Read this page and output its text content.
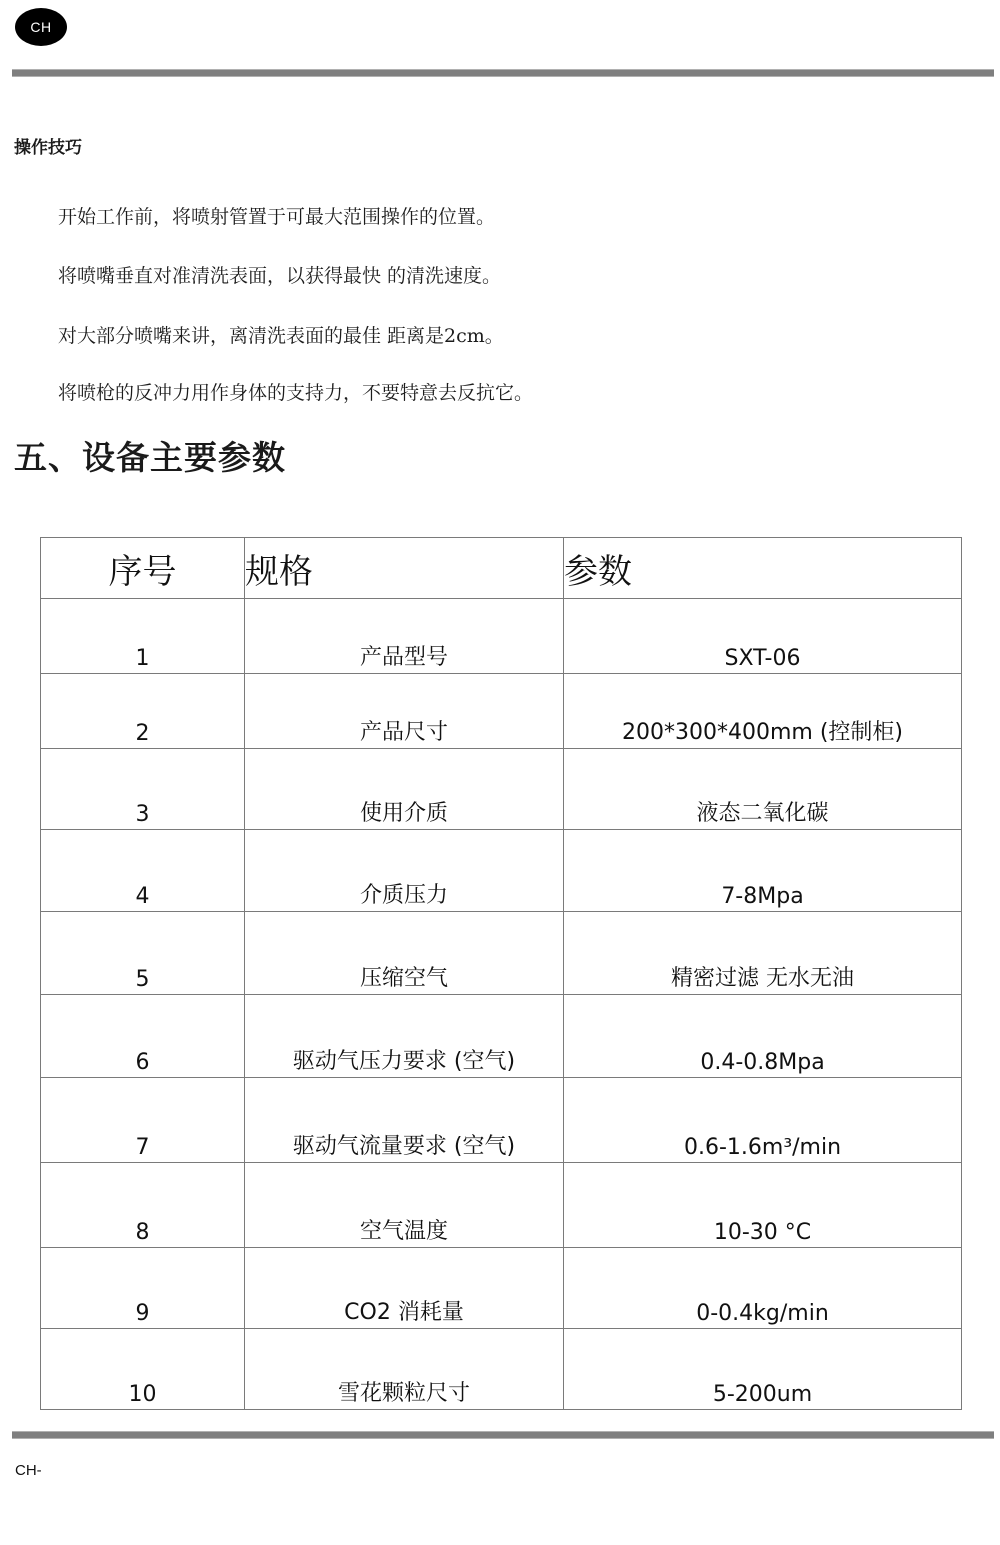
CH
操作技巧
开始工作前，将喷射管置于可最大范围操作的位置。
将喷嘴垂直对准清洗表面，以获得最快 的清洗速度。
对大部分喷嘴来讲，离清洗表面的最佳 距离是2cm。
将喷枪的反冲力用作身体的支持力，不要特意去反抗它。
五、设备主要参数
序号	规格	参数
1	产品型号	SXT-06
2	产品尺寸	200*300*400mm (控制柜)
3	使用介质	液态二氧化碳
4	介质压力	7-8Mpa
5	压缩空气	精密过滤 无水无油
6	驱动气压力要求 (空气)	0.4-0.8Mpa
7	驱动气流量要求 (空气)	0.6-1.6m³/min
8	空气温度	10-30 °C
9	CO2 消耗量	0-0.4kg/min
10	雪花颗粒尺寸	5-200um
CH-
